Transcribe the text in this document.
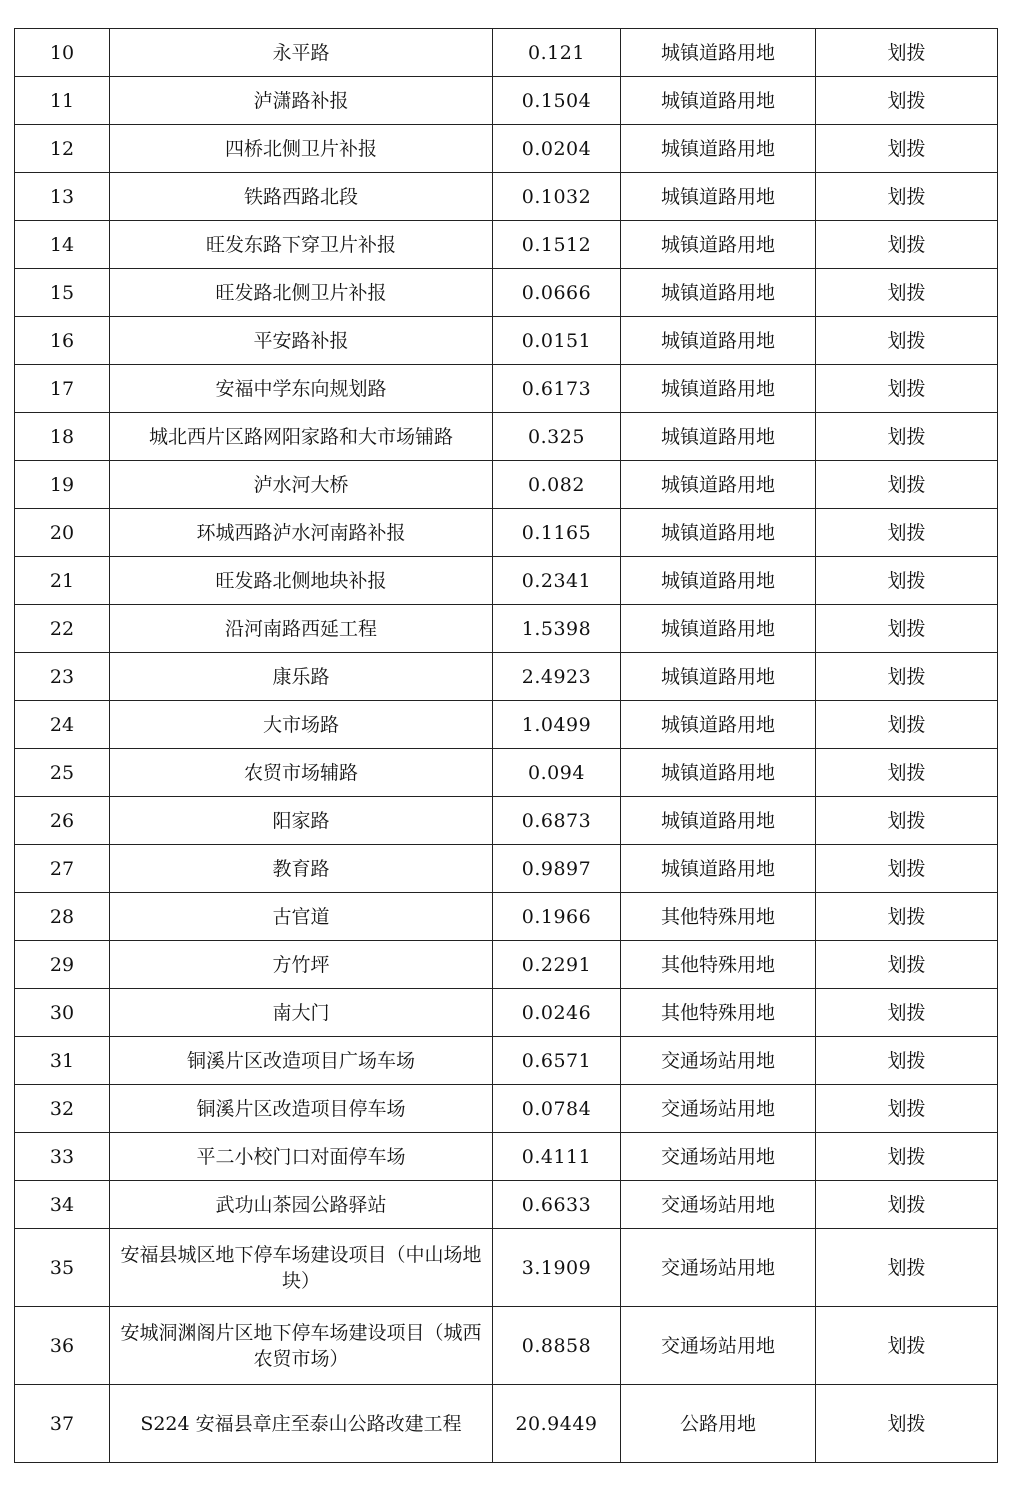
10	永平路	0.121	城镇道路用地	划拨
11	泸潇路补报	0.1504	城镇道路用地	划拨
12	四桥北侧卫片补报	0.0204	城镇道路用地	划拨
13	铁路西路北段	0.1032	城镇道路用地	划拨
14	旺发东路下穿卫片补报	0.1512	城镇道路用地	划拨
15	旺发路北侧卫片补报	0.0666	城镇道路用地	划拨
16	平安路补报	0.0151	城镇道路用地	划拨
17	安福中学东向规划路	0.6173	城镇道路用地	划拨
18	城北西片区路网阳家路和大市场铺路	0.325	城镇道路用地	划拨
19	泸水河大桥	0.082	城镇道路用地	划拨
20	环城西路泸水河南路补报	0.1165	城镇道路用地	划拨
21	旺发路北侧地块补报	0.2341	城镇道路用地	划拨
22	沿河南路西延工程	1.5398	城镇道路用地	划拨
23	康乐路	2.4923	城镇道路用地	划拨
24	大市场路	1.0499	城镇道路用地	划拨
25	农贸市场辅路	0.094	城镇道路用地	划拨
26	阳家路	0.6873	城镇道路用地	划拨
27	教育路	0.9897	城镇道路用地	划拨
28	古官道	0.1966	其他特殊用地	划拨
29	方竹坪	0.2291	其他特殊用地	划拨
30	南大门	0.0246	其他特殊用地	划拨
31	铜溪片区改造项目广场车场	0.6571	交通场站用地	划拨
32	铜溪片区改造项目停车场	0.0784	交通场站用地	划拨
33	平二小校门口对面停车场	0.4111	交通场站用地	划拨
34	武功山茶园公路驿站	0.6633	交通场站用地	划拨
35	安福县城区地下停车场建设项目（中山场地块）	3.1909	交通场站用地	划拨
36	安城洞渊阁片区地下停车场建设项目（城西农贸市场）	0.8858	交通场站用地	划拨
37	S224 安福县章庄至泰山公路改建工程	20.9449	公路用地	划拨
